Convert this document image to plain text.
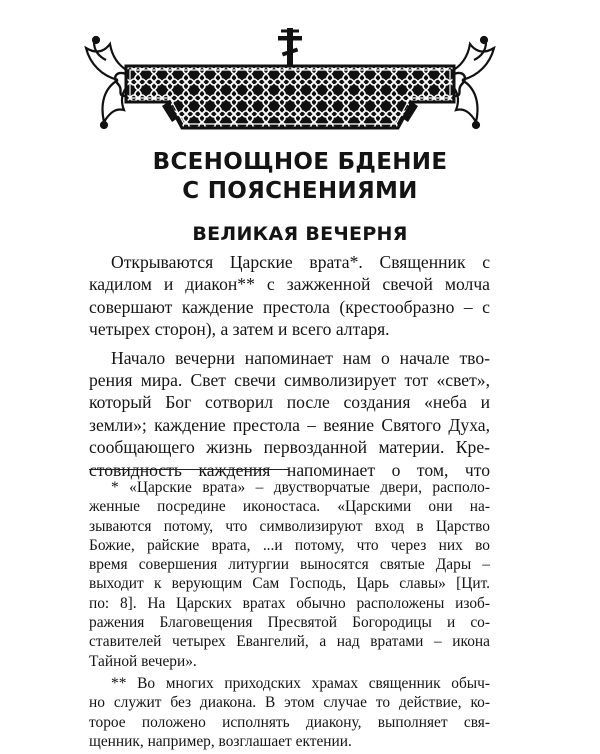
ВСЕНОЩНОЕ БДЕНИЕ
С ПОЯСНЕНИЯМИ
ВЕЛИКАЯ ВЕЧЕРНЯ

Открываются Царские врата*. Священник с
кадилом и диакон** с зажженной свечой молча
совершают каждение престола (крестообразно – с
четырех сторон), а затем и всего алтаря.

Начало вечерни напоминает нам о начале тво-
рения мира. Свет свечи символизирует тот «свет»,
который Бог сотворил после создания «неба и
земли»; каждение престола – веяние Святого Духа,
сообщающего жизнь первозданной материи. Кре-
стовидность каждения напоминает о том, что

* «Царские врата» – двустворчатые двери, располо-
женные посредине иконостаса. «Царскими они на-
зываются потому, что символизируют вход в Царство
Божие, райские врата, ...и потому, что через них во
время совершения литургии выносятся святые Дары –
выходит к верующим Сам Господь, Царь славы» [Цит.
по: 8]. На Царских вратах обычно расположены изоб-
ражения Благовещения Пресвятой Богородицы и со-
ставителей четырех Евангелий, а над вратами – икона
Тайной вечери».

** Во многих приходских храмах священник обыч-
но служит без диакона. В этом случае то действие, ко-
торое положено исполнять диакону, выполняет свя-
щенник, например, возглашает ектении.
